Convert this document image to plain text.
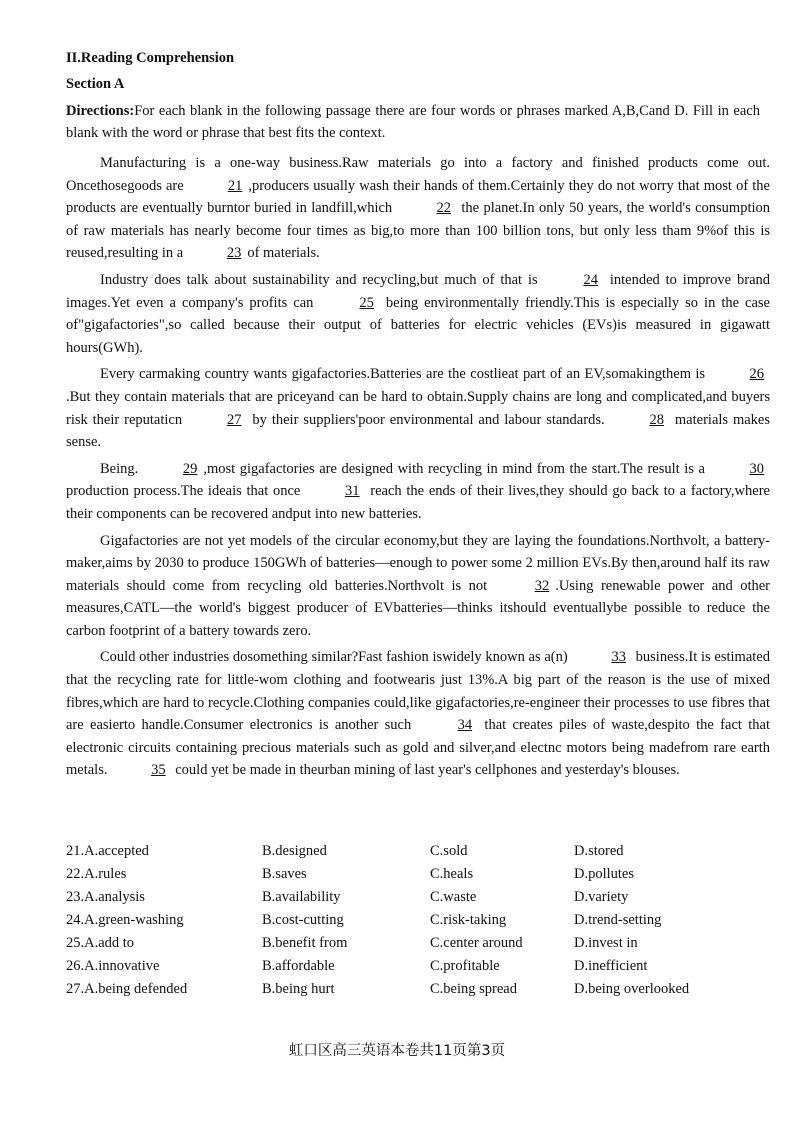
II.Reading Comprehension
Section A
Directions:For each blank in the following passage there are four words or phrases marked A,B,Cand D. Fill in each blank with the word or phrase that best fits the context.

Manufacturing is a one-way business.Raw materials go into a factory and finished products come out. Oncethosegoods are	21 ,producers usually wash their hands of them.Certainly they do not worry that most of the products are eventually burntor buried in landfill,which	22 the planet.In only 50 years, the world's consumption of raw materials has nearly become four times as big,to more than 100 billion tons, but only less tham 9%of this is reused,resulting in a	23 of materials.

Industry does talk about sustainability and recycling,but much of that is	24 intended to improve brand images.Yet even a company's profits can	25 being environmentally friendly.This is especially so in the case of"gigafactories",so called because their output of batteries for electric vehicles (EVs)is measured in gigawatt hours(GWh).

Every carmaking country wants gigafactories.Batteries are the costlieat part of an EV,somakingthem is	26.But they contain materials that are priceyand can be hard to obtain.Supply chains are long and complicated,and buyers risk their reputaticn	27 by their suppliers'poor environmental and labour standards.	28 materials makes sense.

Being.	29 ,most gigafactories are designed with recycling in mind from the start.The result is a	30 production process.The ideais that once	31 reach the ends of their lives,they should go back to a factory,where their components can be recovered andput into new batteries.

Gigafactories are not yet models of the circular economy,but they are laying the foundations.Northvolt, a battery-maker,aims by 2030 to produce 150GWh of batteries—enough to power some 2 million EVs.By then,around half its raw materials should come from recycling old batteries.Northvolt is not	32 .Using renewable power and other measures,CATL—the world's biggest producer of EVbatteries—thinks itshould eventuallybe possible to reduce the carbon footprint of a battery towards zero.

Could other industries dosomething similar?Fast fashion iswidely known as a(n)	33 business.It is estimated that the recycling rate for little-wom clothing and footwearis just 13%.A big part of the reason is the use of mixed fibres,which are hard to recycle.Clothing companies could,like gigafactories,re-engineer their processes to use fibres that are easierto handle.Consumer electronics is another such	34 that creates piles of waste,despito the fact that electronic circuits containing precious materials such as gold and silver,and electnc motors being madefrom rare earth metals.	35 could yet be made in theurban mining of last year's cellphones and yesterday's blouses.

21.A.accepted	B.designed	C.sold	D.stored
22.A.rules	B.saves	C.heals	D.pollutes
23.A.analysis	B.availability	C.waste	D.variety
24.A.green-washing	B.cost-cutting	C.risk-taking	D.trend-setting
25.A.add to	B.benefit from	C.center around	D.invest in
26.A.innovative	B.affordable	C.profitable	D.inefficient
27.A.being defended	B.being hurt	C.being spread	D.being overlooked
虹口区高三英语本卷共11页第3页
